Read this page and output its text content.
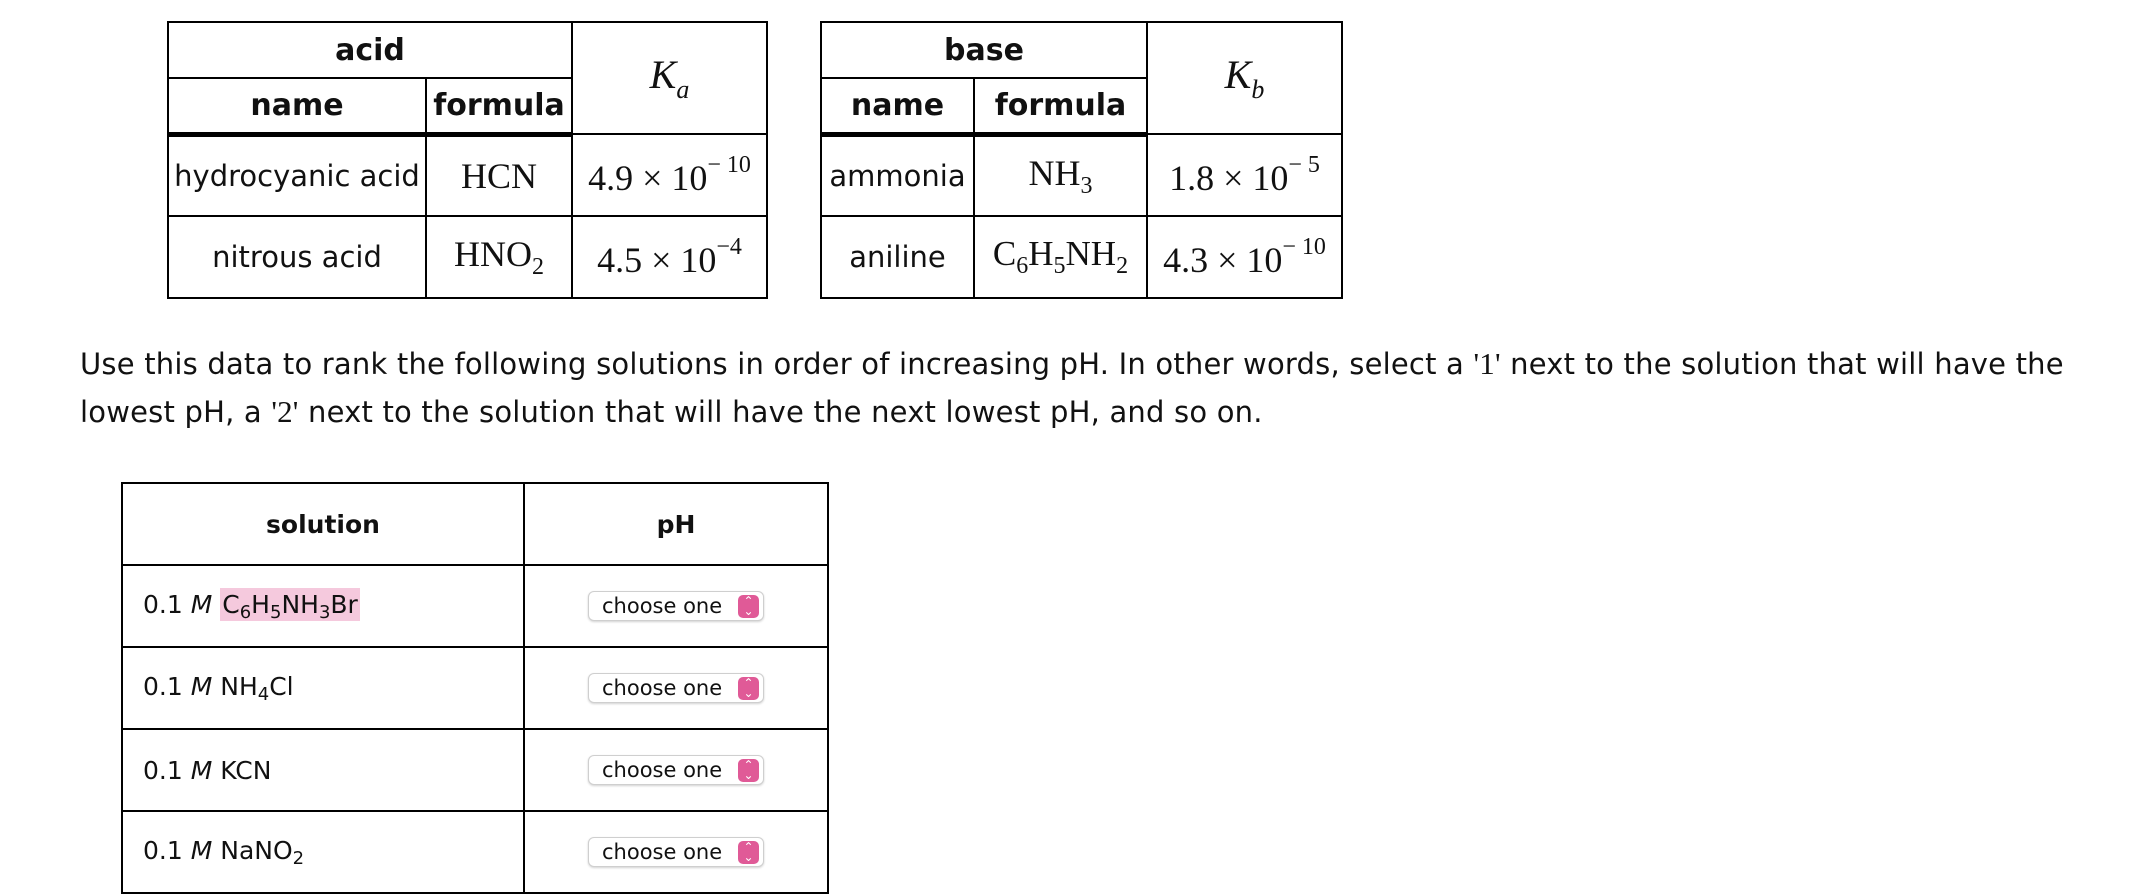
acid		$K_a$
name	formula	
hydrocyanic acid	HCN	$4.9 \times 10^{- 10}$
nitrous acid	$HNO_2$	$4.5 \times 10^{-4}$
base		$K_b$
name	formula	
ammonia	$NH_3$	$1.8 \times 10^{- 5}$
aniline	$C_6H_5NH_2$	$4.3 \times 10^{- 10}$
Use this data to rank the following solutions in order of increasing pH. In other words, select a '1' next to the solution that will have the lowest pH, a '2' next to the solution that will have the next lowest pH, and so on.
solution	pH
0.1 M $C_6H_5NH_3Br$	choose one ⌃
⌄

0.1 M $NH_4Cl$	choose one ⌃
⌄

0.1 M KCN	choose one ⌃
⌄

0.1 M NaNO$_2$	choose one ⌃
⌄
